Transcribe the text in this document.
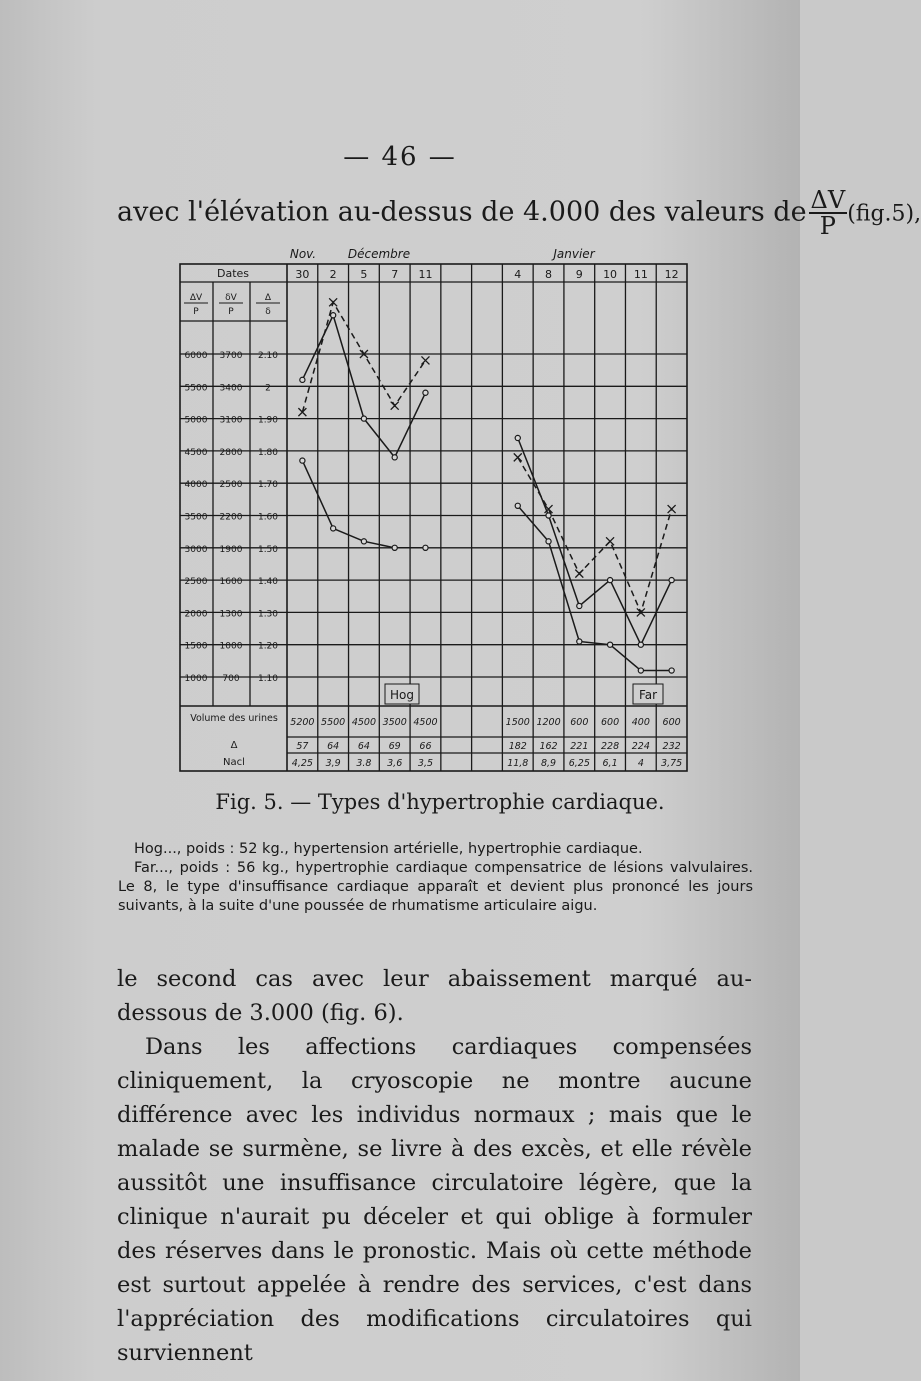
— 46 —
avec l'élévation au-dessus de 4.000 des valeurs de $\frac{\Delta V}{P} (fig.5)$,
Nov.	Décembre	Janvier
Dates
ΔV
P
δV
P
Δ
δ
30 2 5 7 11	4 8 9 10 11 12
6000 3700 2.10
5500 3400	2
5000 3100 1.90
4500 2800 1.80
4000 2500 1.70
3500 2200 1.60
3000 1900 1.50
2500 1600 1.40
2000 1300 1.30
1500 1000 1.20
1000 700 1.10
Hog	Far
Volume des urines
Δ
Nacl
5200 5500 4500 3500 4500	1500 1200 600 600 400 600
57 64 64 69 66	182 162 221 228 224 232
4,25 3,9 3.8 3,6 3,5	11,8 8,9 6,25 6,1 4 3,75
Fig. 5. — Types d'hypertrophie cardiaque.

Hog..., poids : 52 kg., hypertension artérielle, hypertrophie cardiaque.

Far..., poids : 56 kg., hypertrophie cardiaque compensatrice de lésions valvulaires. Le 8, le type d'insuffisance cardiaque apparaît et devient plus prononcé les jours suivants, à la suite d'une poussée de rhumatisme articulaire aigu.

le second cas avec leur abaissement marqué au-dessous de 3.000 (fig. 6).

Dans les affections cardiaques compensées cliniquement, la cryoscopie ne montre aucune différence avec les individus normaux ; mais que le malade se surmène, se livre à des excès, et elle révèle aussitôt une insuffisance circulatoire légère, que la clinique n'aurait pu déceler et qui oblige à formuler des réserves dans le pronostic. Mais où cette méthode est surtout appelée à rendre des services, c'est dans l'appréciation des modifications circulatoires qui surviennent
